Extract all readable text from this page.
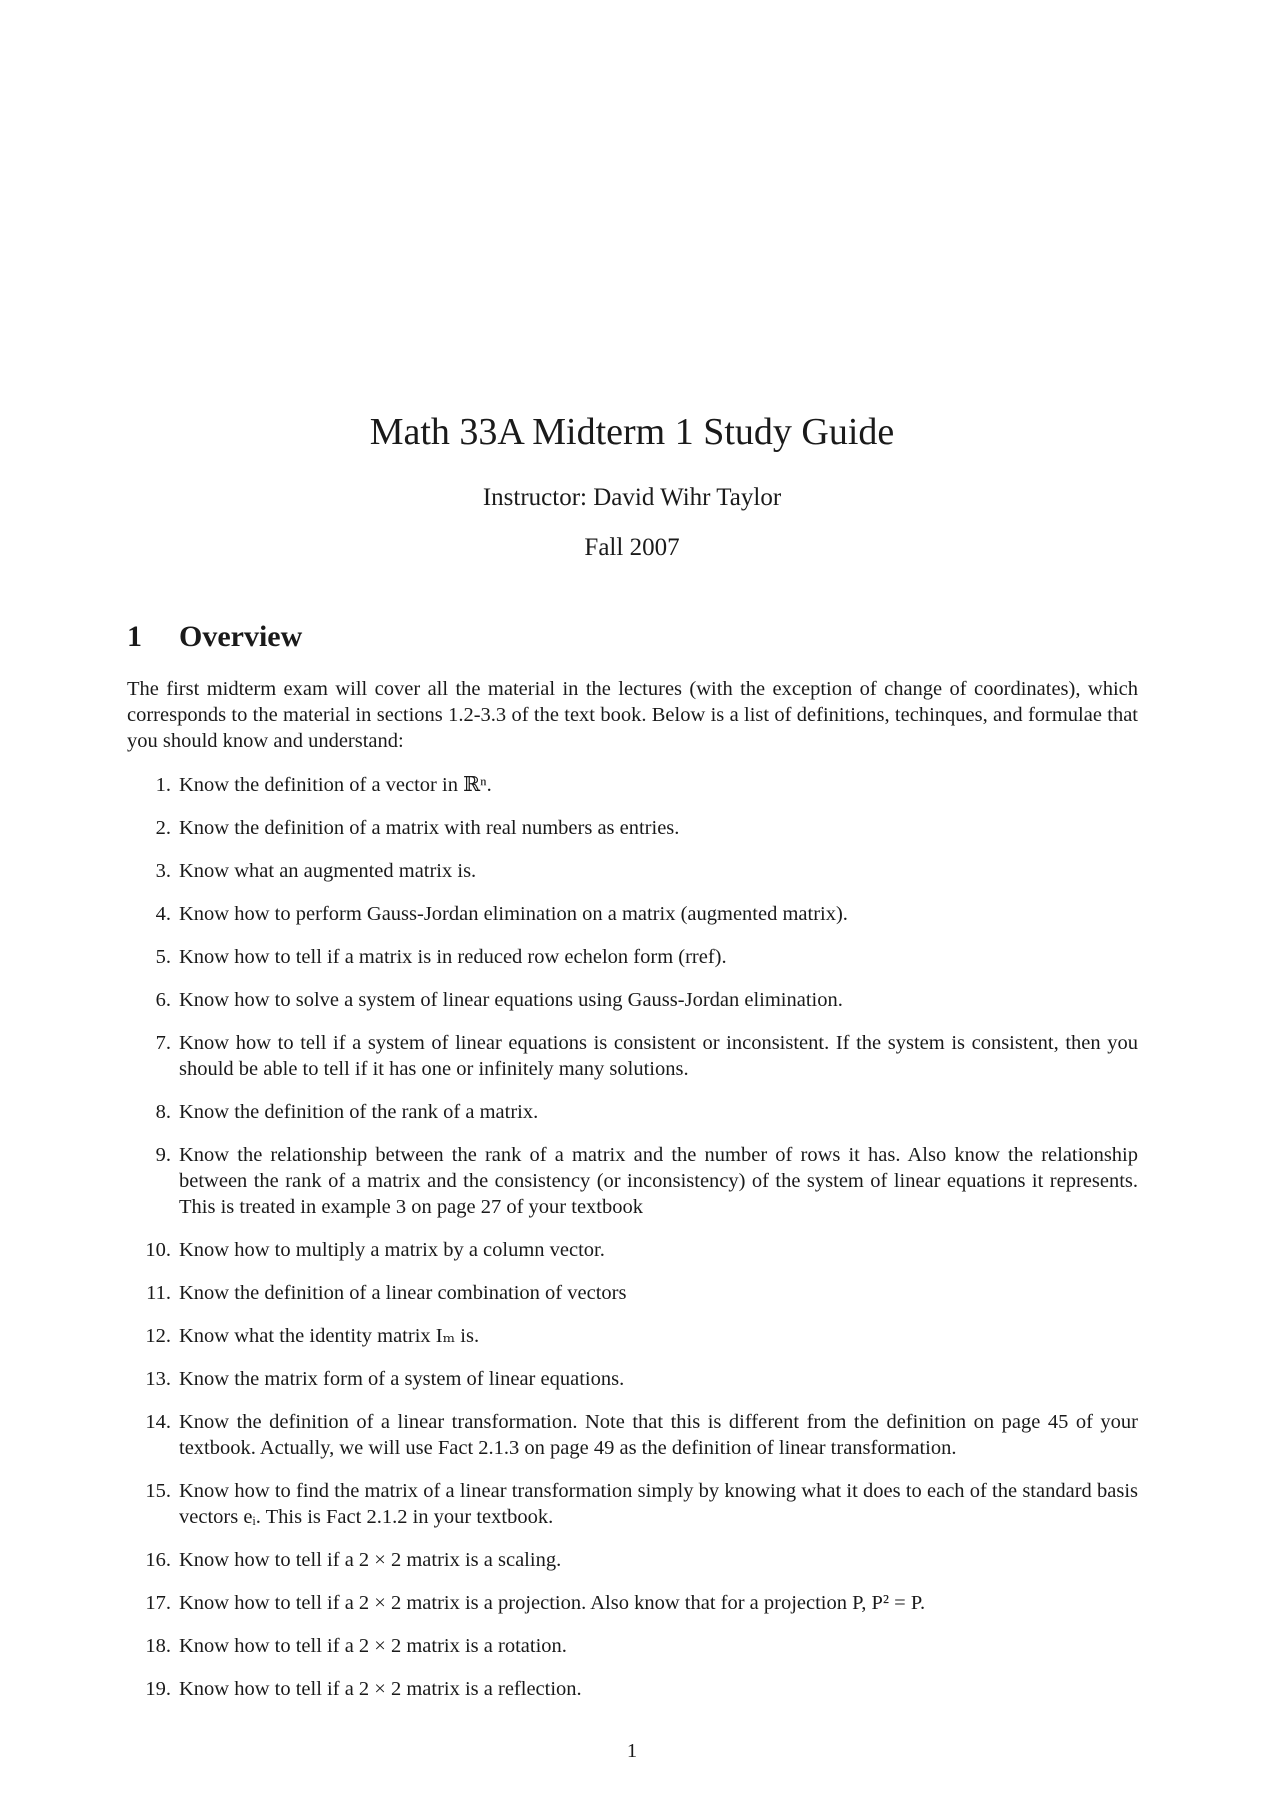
Math 33A Midterm 1 Study Guide
Instructor: David Wihr Taylor
Fall 2007
1 Overview

The first midterm exam will cover all the material in the lectures (with the exception of change of coordinates), which corresponds to the material in sections 1.2-3.3 of the text book. Below is a list of definitions, techinques, and formulae that you should know and understand:

1. Know the definition of a vector in ℝⁿ.
2. Know the definition of a matrix with real numbers as entries.
3. Know what an augmented matrix is.
4. Know how to perform Gauss-Jordan elimination on a matrix (augmented matrix).
5. Know how to tell if a matrix is in reduced row echelon form (rref).
6. Know how to solve a system of linear equations using Gauss-Jordan elimination.
7. Know how to tell if a system of linear equations is consistent or inconsistent. If the system is consistent, then you should be able to tell if it has one or infinitely many solutions.
8. Know the definition of the rank of a matrix.
9. Know the relationship between the rank of a matrix and the number of rows it has. Also know the relationship between the rank of a matrix and the consistency (or inconsistency) of the system of linear equations it represents. This is treated in example 3 on page 27 of your textbook
10. Know how to multiply a matrix by a column vector.
11. Know the definition of a linear combination of vectors
12. Know what the identity matrix Iₘ is.
13. Know the matrix form of a system of linear equations.
14. Know the definition of a linear transformation. Note that this is different from the definition on page 45 of your textbook. Actually, we will use Fact 2.1.3 on page 49 as the definition of linear transformation.
15. Know how to find the matrix of a linear transformation simply by knowing what it does to each of the standard basis vectors eᵢ. This is Fact 2.1.2 in your textbook.
16. Know how to tell if a 2 × 2 matrix is a scaling.
17. Know how to tell if a 2 × 2 matrix is a projection. Also know that for a projection P, P² = P.
18. Know how to tell if a 2 × 2 matrix is a rotation.
19. Know how to tell if a 2 × 2 matrix is a reflection.
1
